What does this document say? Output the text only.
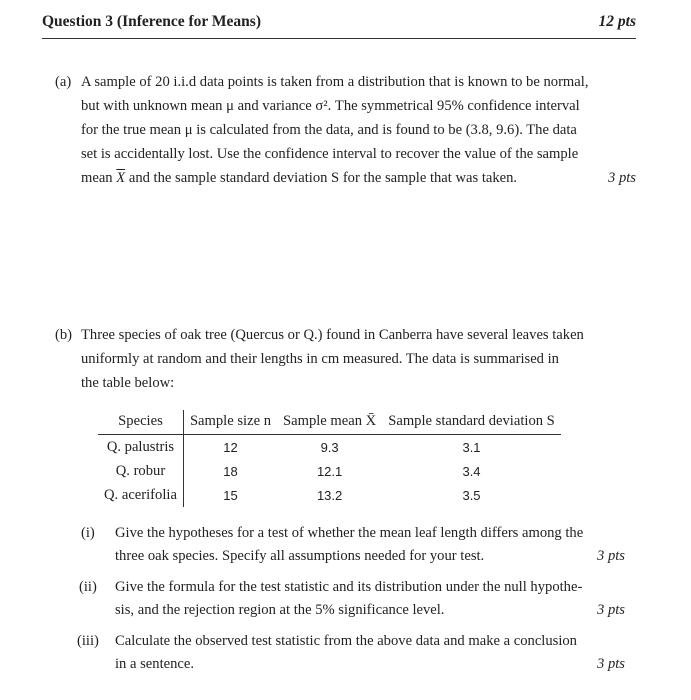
Question 3 (Inference for Means)	12 pts
(a) A sample of 20 i.i.d data points is taken from a distribution that is known to be normal,
but with unknown mean μ and variance σ². The symmetrical 95% confidence interval
for the true mean μ is calculated from the data, and is found to be (3.8, 9.6). The data
set is accidentally lost. Use the confidence interval to recover the value of the sample
mean $\overline{X}$ and the sample standard deviation S for the sample that was taken.	3 pts
(b) Three species of oak tree (Quercus or Q.) found in Canberra have several leaves taken
uniformly at random and their lengths in cm measured. The data is summarised in
the table below:
Species	Sample size n	Sample mean X̄	Sample standard deviation S
Q. palustris	12	9.3	3.1
Q. robur	18	12.1	3.4
Q. acerifolia	15	13.2	3.5
(i) Give the hypotheses for a test of whether the mean leaf length differs among the
three oak species. Specify all assumptions needed for your test.	3 pts
(ii) Give the formula for the test statistic and its distribution under the null hypothe-
sis, and the rejection region at the 5% significance level.	3 pts
(iii) Calculate the observed test statistic from the above data and make a conclusion
in a sentence.	3 pts
